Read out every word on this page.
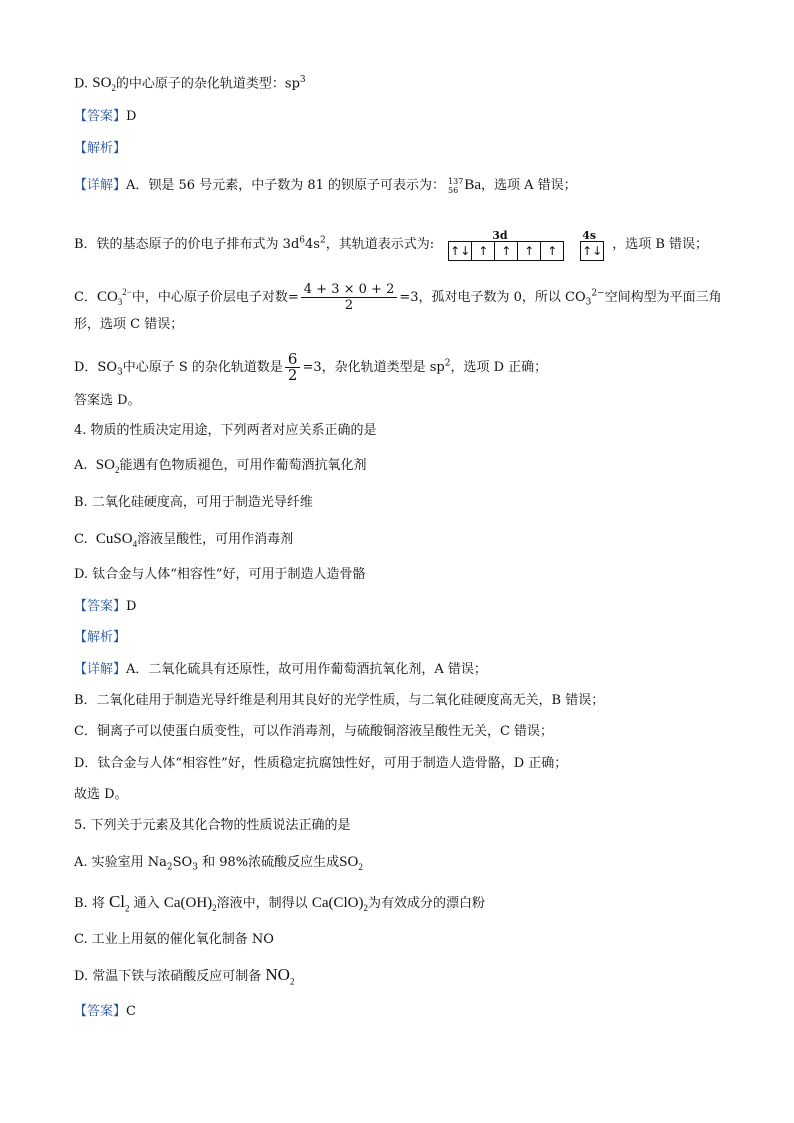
D. $SO_2$的中心原子的杂化轨道类型：$sp^3$
【答案】D
【解析】
【详解】A．钡是 56 号元素，中子数为 81 的钡原子可表示为： 137
56 Ba，选项 A 错误；
B．铁的基态原子的价电子排布式为 $3d^64s^2$，其轨道表示式为:
3d
↑↓ ↑	↑	↑	↑
4s
↑↓ ，选项 B 错误；
C．$CO_3^{2-}$中，中心原子价层电子对数= $\frac{4 + 3 \times 0 + 2}{2} =3$，孤对电子数为 0，所以 $CO_3^{2-}$空间构型为平面三角
形，选项 C 错误；
D．$SO_3$中心原子 S 的杂化轨道数是 $\frac{6}{2} =3$，杂化轨道类型是 $sp^2$，选项 D 正确；
答案选 D。
4. 物质的性质决定用途，下列两者对应关系正确的是
A. $SO_2$能遇有色物质褪色，可用作葡萄酒抗氧化剂
B. 二氧化硅硬度高，可用于制造光导纤维
C. CuSO$_4$溶液呈酸性，可用作消毒剂
D. 钛合金与人体“相容性”好，可用于制造人造骨骼
【答案】D
【解析】
【详解】A．二氧化硫具有还原性，故可用作葡萄酒抗氧化剂，A 错误；
B．二氧化硅用于制造光导纤维是利用其良好的光学性质，与二氧化硅硬度高无关，B 错误；
C．铜离子可以使蛋白质变性，可以作消毒剂，与硫酸铜溶液呈酸性无关，C 错误；
D．钛合金与人体“相容性”好，性质稳定抗腐蚀性好，可用于制造人造骨骼，D 正确；
故选 D。
5. 下列关于元素及其化合物的性质说法正确的是
A. 实验室用 $Na_2SO_3$ 和 98%浓硫酸反应生成$SO_2$
B. 将 $Cl_2$ 通入 $Ca(OH)_2$溶液中，制得以 $Ca(ClO)_2$为有效成分的漂白粉
C. 工业上用氨的催化氧化制备 NO
D. 常温下铁与浓硝酸反应可制备 $NO_2$
【答案】C
